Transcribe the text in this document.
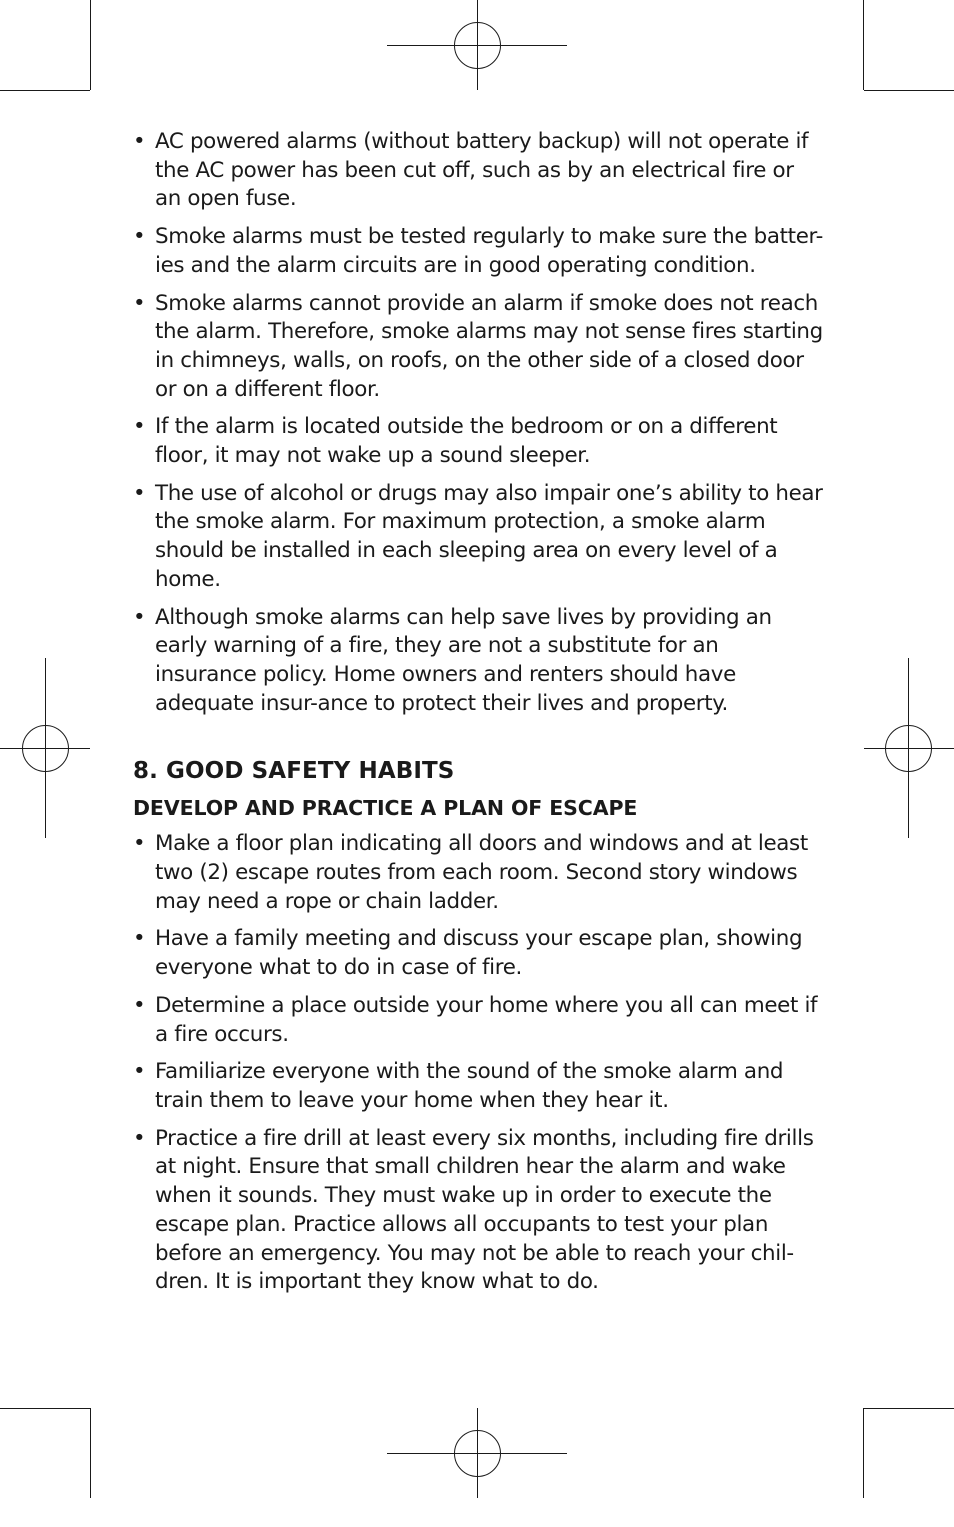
• AC powered alarms (without battery backup) will not operate if the AC power has been cut off, such as by an electrical fire or an open fuse.
• Smoke alarms must be tested regularly to make sure the batter-ies and the alarm circuits are in good operating condition.
• Smoke alarms cannot provide an alarm if smoke does not reach the alarm. Therefore, smoke alarms may not sense fires starting in chimneys, walls, on roofs, on the other side of a closed door or on a different floor.
• If the alarm is located outside the bedroom or on a different floor, it may not wake up a sound sleeper.
• The use of alcohol or drugs may also impair one’s ability to hear the smoke alarm. For maximum protection, a smoke alarm should be installed in each sleeping area on every level of a home.
• Although smoke alarms can help save lives by providing an early warning of a fire, they are not a substitute for an insurance policy. Home owners and renters should have adequate insur-ance to protect their lives and property.
8. GOOD SAFETY HABITS
DEVELOP AND PRACTICE A PLAN OF ESCAPE
• Make a floor plan indicating all doors and windows and at least two (2) escape routes from each room. Second story windows may need a rope or chain ladder.
• Have a family meeting and discuss your escape plan, showing everyone what to do in case of fire.
• Determine a place outside your home where you all can meet if a fire occurs.
• Familiarize everyone with the sound of the smoke alarm and train them to leave your home when they hear it.
• Practice a fire drill at least every six months, including fire drills at night. Ensure that small children hear the alarm and wake when it sounds. They must wake up in order to execute the escape plan. Practice allows all occupants to test your plan before an emergency. You may not be able to reach your chil-dren. It is important they know what to do.
